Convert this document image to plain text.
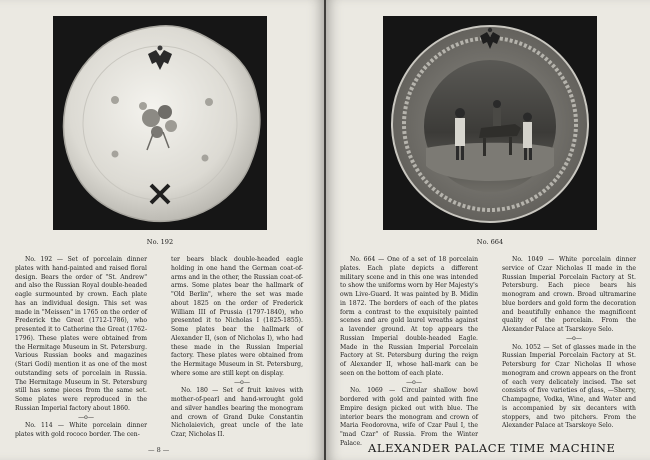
No. 192

No. 192 — Set of porcelain dinner plates with hand-painted and raised floral design. Bears the order of "St. Andrew" and also the Russian Royal double-headed eagle surmounted by crown. Each plate has an individual design. This set was made in "Meissen" in 1765 on the order of Frederick the Great (1712-1786), who presented it to Catherine the Great (1762-1796). These plates were obtained from the Hermitage Museum in St. Petersburg. Various Russian books and magazines (Stari Godi) mention it as one of the most outstanding sets of porcelain in Russia. The Hermitage Museum in St. Petersburg still has some pieces from the same set. Some plates were reproduced in the Russian Imperial factory about 1860.

—o—

No. 114 — White porcelain dinner plates with gold rococo border. The cen-

ter bears black double-headed eagle holding in one hand the German coat-of-arms and in the other, the Russian coat-of-arms. Some plates bear the hallmark of "Old Berlin", where the set was made about 1825 on the order of Frederick William III of Prussia (1797-1840), who presented it to Nicholas I (1825-1855). Some plates bear the hallmark of Alexander II, (son of Nicholas I), who had these made in the Russian Imperial factory. These plates were obtained from the Hermitage Museum in St. Petersburg, where some are still kept on display.

—o—

No. 180 — Set of fruit knives with mother-of-pearl and hand-wrought gold and silver handles bearing the monogram and crown of Grand Duke Constantin Nicholaievich, great uncle of the late Czar, Nicholas II.

— 8 —
No. 664

No. 664 — One of a set of 18 porcelain plates. Each plate depicts a different military scene and in this one was intended to show the uniforms worn by Her Majesty's own Live-Guard. It was painted by B. Midin in 1872. The borders of each of the plates form a contrast to the exquisitely painted scenes and are gold laurel wreaths against a lavender ground. At top appears the Russian Imperial double-headed Eagle. Made in the Russian Imperial Porcelain Factory at St. Petersburg during the reign of Alexander II, whose hall-mark can be seen on the bottom of each plate.

—o—

No. 1069 — Circular shallow bowl bordered with gold and painted with fine Empire design picked out with blue. The interior bears the monogram and crown of Maria Feodorovna, wife of Czar Paul I, the "mad Czar" of Russia. From the Winter Palace.

No. 1049 — White porcelain dinner service of Czar Nicholas II made in the Russian Imperial Porcelain Factory at St. Petersburg. Each piece bears his monogram and crown. Broad ultramarine blue borders and gold form the decoration and beautifully enhance the magnificent quality of the porcelain. From the Alexander Palace at Tsarskoye Selo.

—o—

No. 1052 — Set of glasses made in the Russian Imperial Porcelain Factory at St. Petersburg for Czar Nicholas II whose monogram and crown appears on the front of each very delicately incised. The set consists of five varieties of glass, —Sherry, Champagne, Vodka, Wine, and Water and is accompanied by six decanters with stoppers, and two pitchers. From the Alexander Palace at Tsarskoye Selo.

ALEXANDER PALACE TIME MACHINE
